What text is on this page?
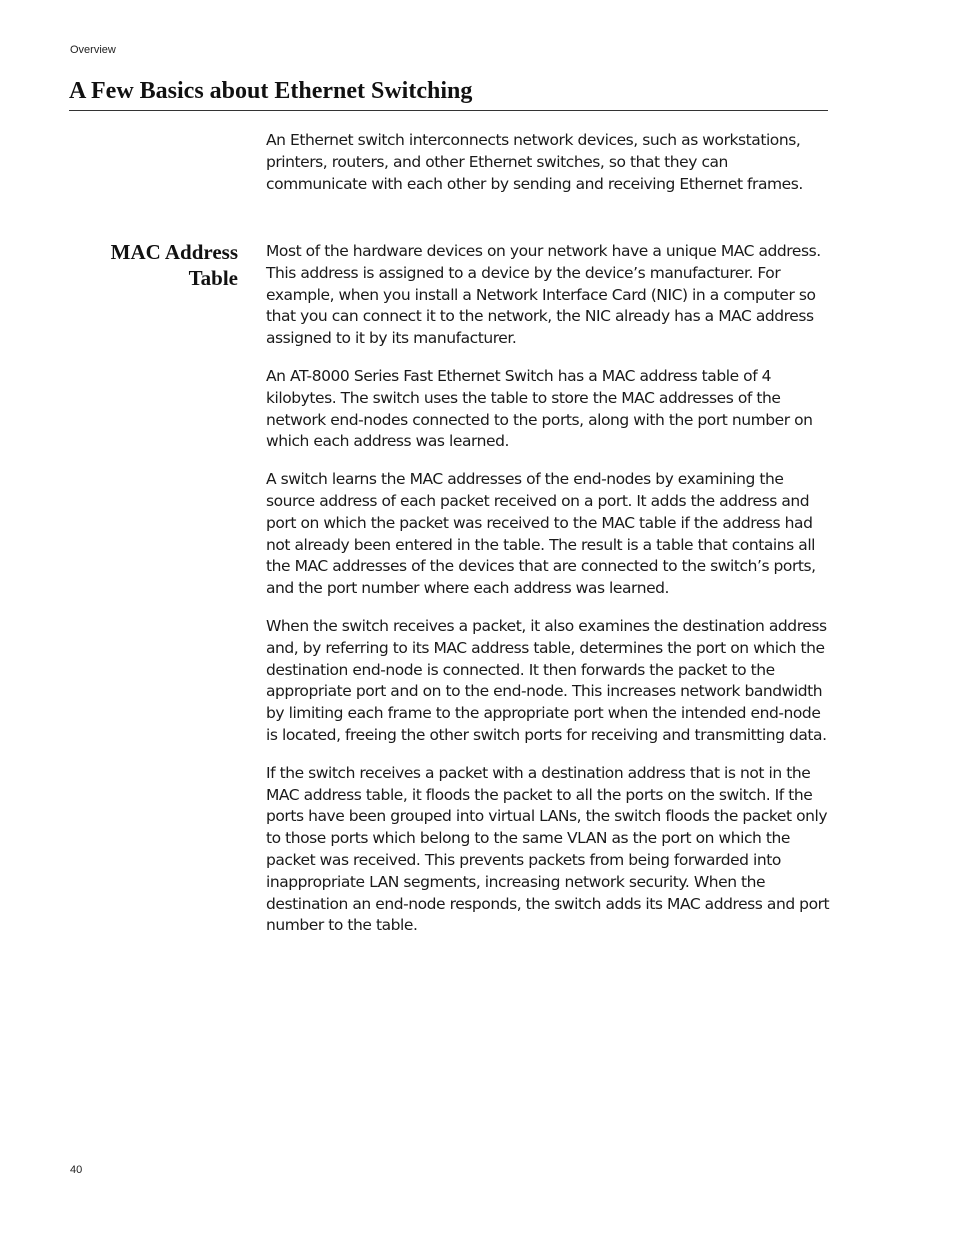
Overview
A Few Basics about Ethernet Switching

An Ethernet switch interconnects network devices, such as workstations, printers, routers, and other Ethernet switches, so that they can communicate with each other by sending and receiving Ethernet frames.

MAC Address Table

Most of the hardware devices on your network have a unique MAC address. This address is assigned to a device by the device’s manufacturer. For example, when you install a Network Interface Card (NIC) in a computer so that you can connect it to the network, the NIC already has a MAC address assigned to it by its manufacturer.

An AT-8000 Series Fast Ethernet Switch has a MAC address table of 4 kilobytes. The switch uses the table to store the MAC addresses of the network end-nodes connected to the ports, along with the port number on which each address was learned.

A switch learns the MAC addresses of the end-nodes by examining the source address of each packet received on a port. It adds the address and port on which the packet was received to the MAC table if the address had not already been entered in the table. The result is a table that contains all the MAC addresses of the devices that are connected to the switch’s ports, and the port number where each address was learned.

When the switch receives a packet, it also examines the destination address and, by referring to its MAC address table, determines the port on which the destination end-node is connected. It then forwards the packet to the appropriate port and on to the end-node. This increases network bandwidth by limiting each frame to the appropriate port when the intended end-node is located, freeing the other switch ports for receiving and transmitting data.

If the switch receives a packet with a destination address that is not in the MAC address table, it floods the packet to all the ports on the switch. If the ports have been grouped into virtual LANs, the switch floods the packet only to those ports which belong to the same VLAN as the port on which the packet was received. This prevents packets from being forwarded into inappropriate LAN segments, increasing network security. When the destination an end-node responds, the switch adds its MAC address and port number to the table.

40
